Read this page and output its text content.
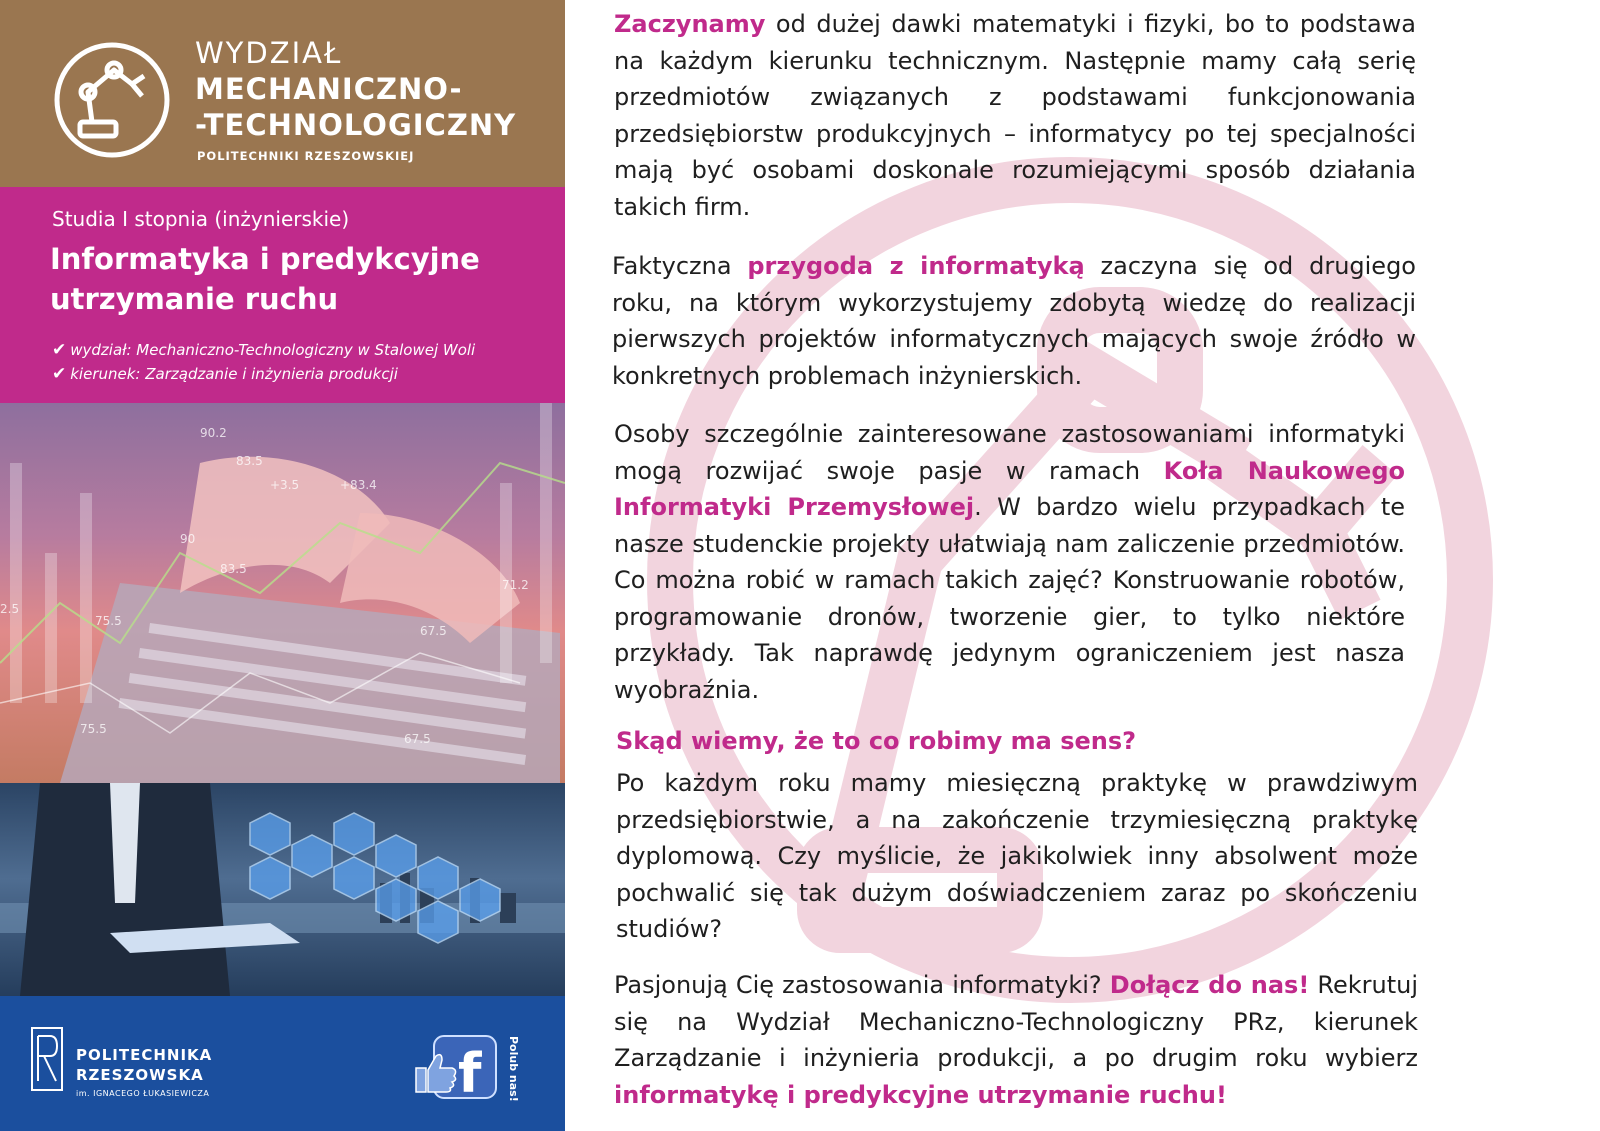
WYDZIAŁ
MECHANICZNO-
-TECHNOLOGICZNY
POLITECHNIKI RZESZOWSKIEJ
Studia I stopnia (inżynierskie)
Informatyka i predykcyjne utrzymanie ruchu
✔ wydział: Mechaniczno-Technologiczny w Stalowej Woli
✔ kierunek: Zarządzanie i inżynieria produkcji
90.2
83.5
+3.5	+83.4
90
83.5
2.5
75.5
71.2
67.5
75.5
67.5
POLITECHNIKA
RZESZOWSKA
im. IGNACEGO ŁUKASIEWICZA	f	Polub nas!
Zaczynamy od dużej dawki matematyki i fizyki, bo to podstawa na każdym kierunku technicznym. Następnie mamy całą serię przedmiotów związanych z podstawami funkcjonowania przedsiębiorstw produkcyjnych – informatycy po tej specjalności mają być osobami doskonale rozumiejącymi sposób działania takich firm.
Faktyczna przygoda z informatyką zaczyna się od drugiego roku, na którym wykorzystujemy zdobytą wiedzę do realizacji pierwszych projektów informatycznych mających swoje źródło w konkretnych problemach inżynierskich.
Osoby szczególnie zainteresowane zastosowaniami informatyki mogą rozwijać swoje pasje w ramach Koła Naukowego Informatyki Przemysłowej. W bardzo wielu przypadkach te nasze studenckie projekty ułatwiają nam zaliczenie przedmiotów. Co można robić w ramach takich zajęć? Konstruowanie robotów, programowanie dronów, tworzenie gier, to tylko niektóre przykłady. Tak naprawdę jedynym ograniczeniem jest nasza wyobraźnia.
Skąd wiemy, że to co robimy ma sens?
Po każdym roku mamy miesięczną praktykę w prawdziwym przedsiębiorstwie, a na zakończenie trzymiesięczną praktykę dyplomową. Czy myślicie, że jakikolwiek inny absolwent może pochwalić się tak dużym doświadczeniem zaraz po skończeniu studiów?
Pasjonują Cię zastosowania informatyki? Dołącz do nas! Rekrutuj się na Wydział Mechaniczno-Technologiczny PRz, kierunek Zarządzanie i inżynieria produkcji, a po drugim roku wybierz informatykę i predykcyjne utrzymanie ruchu!
